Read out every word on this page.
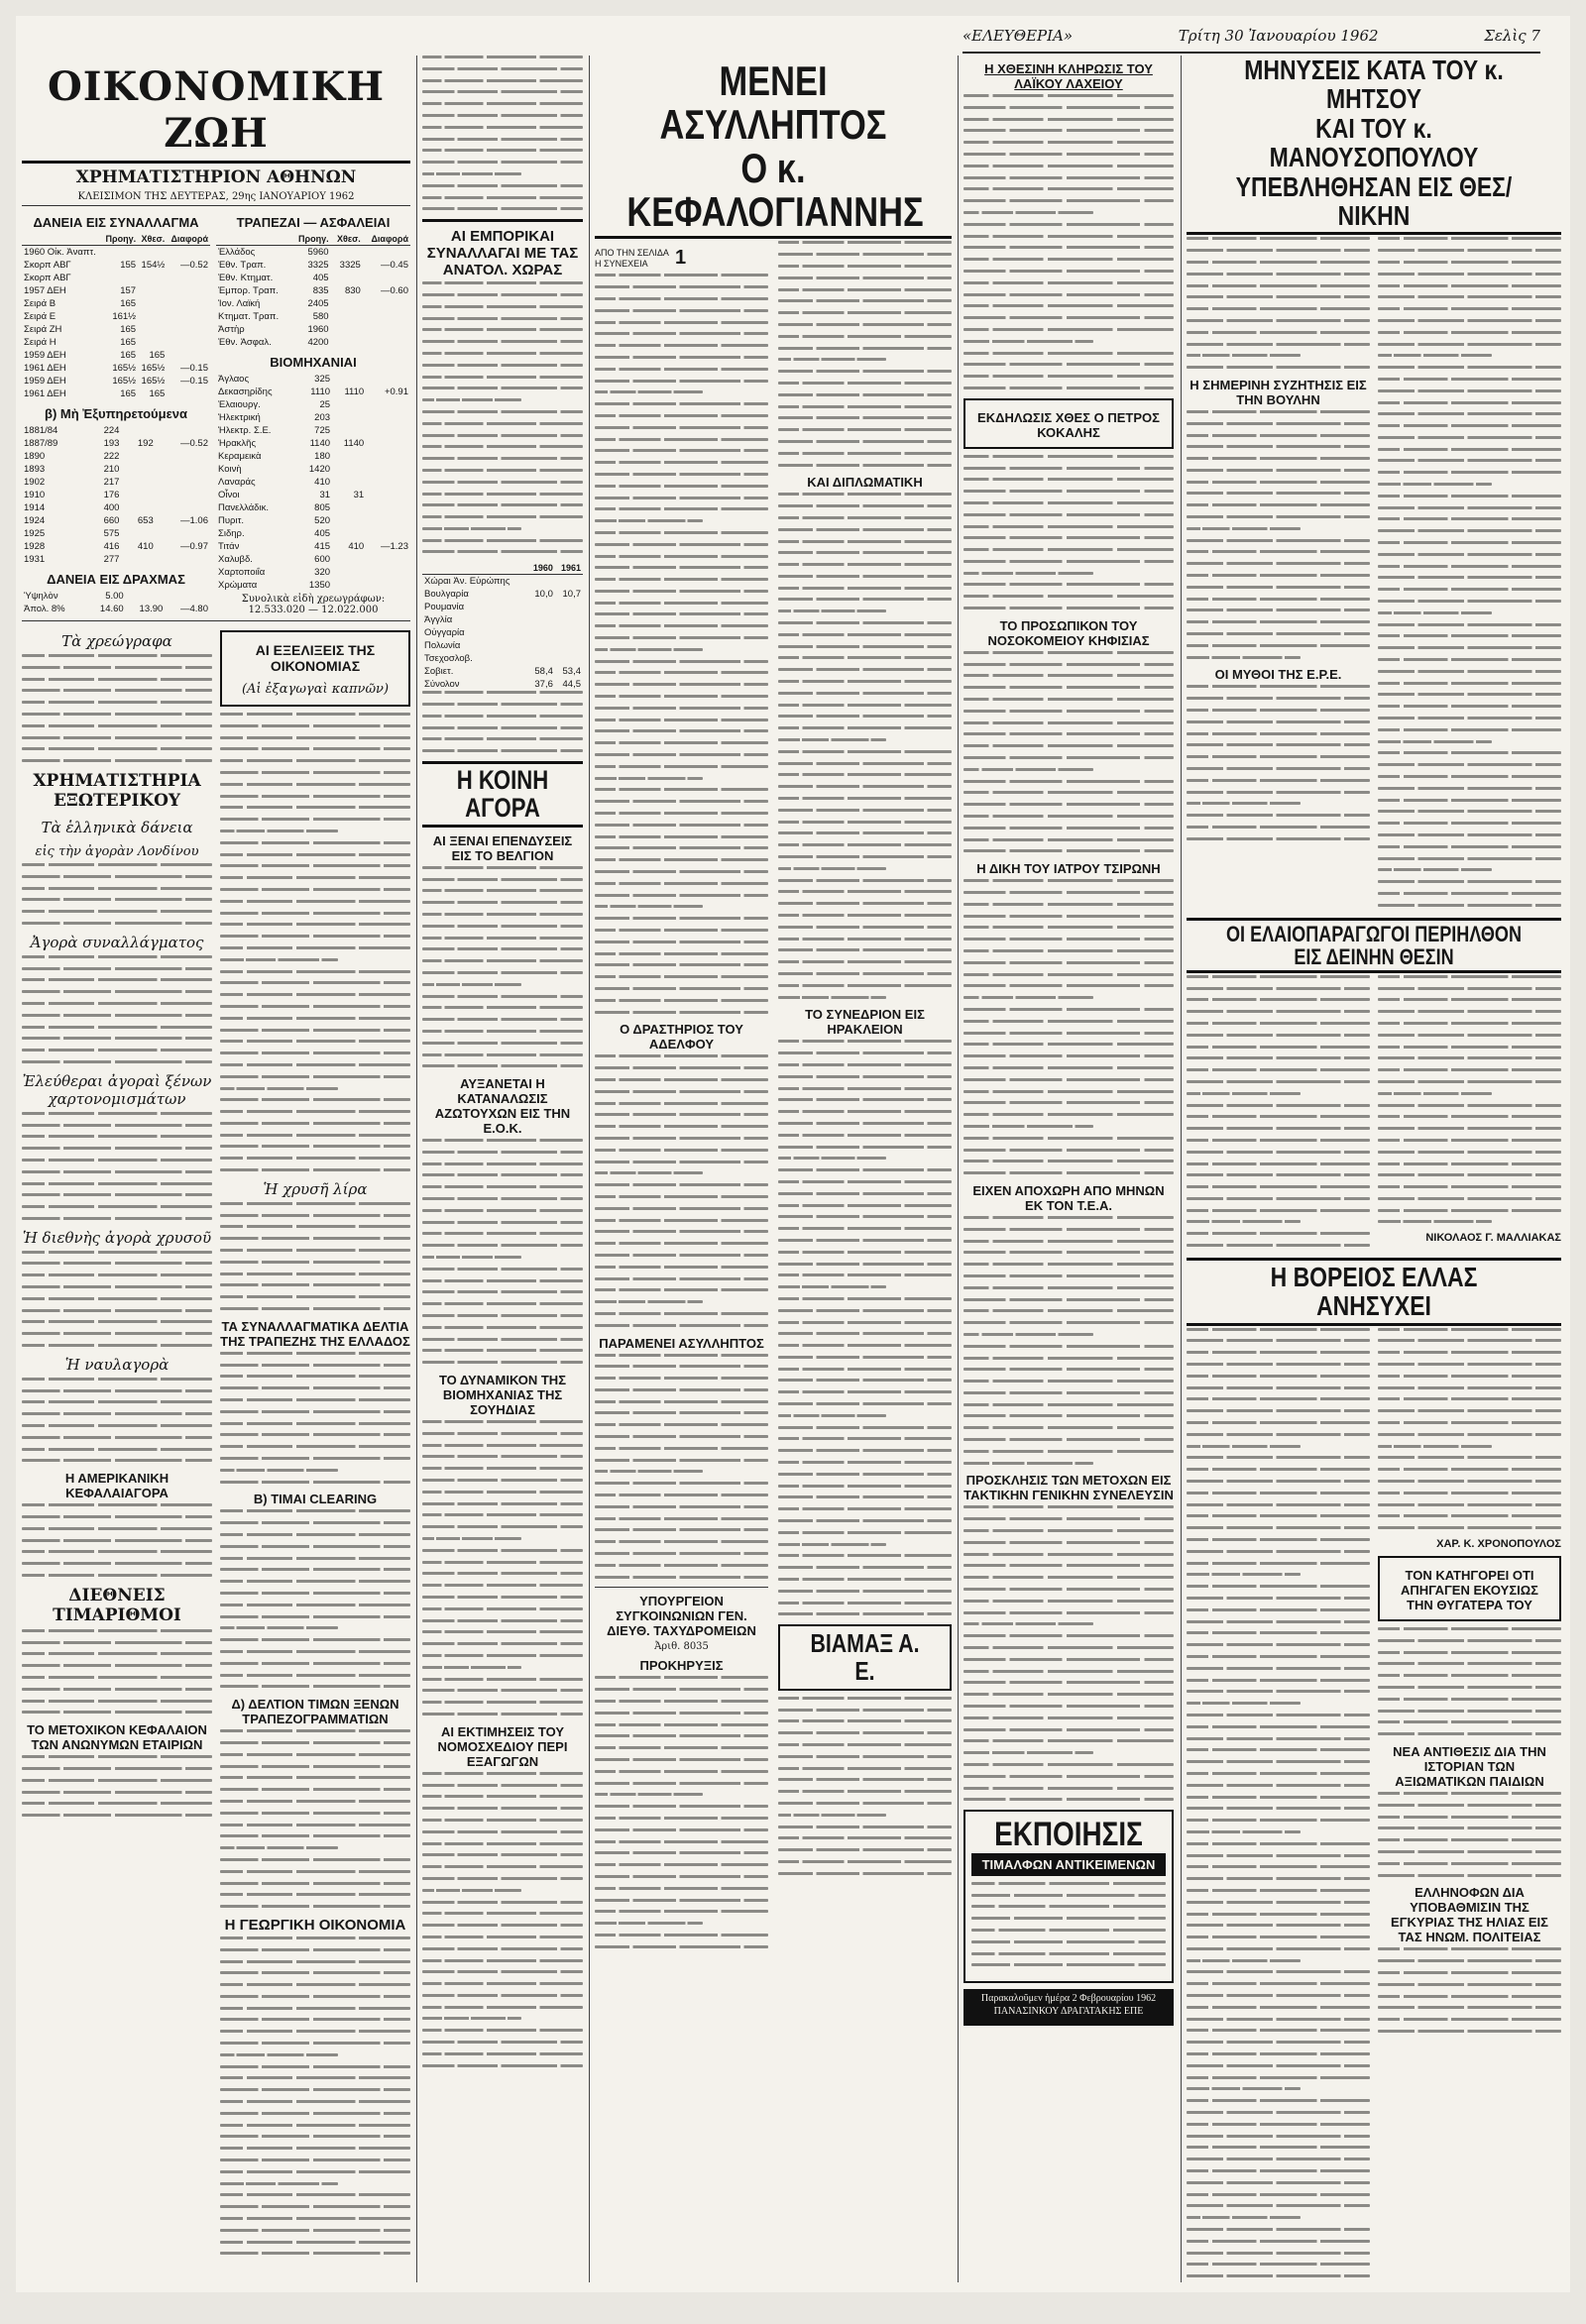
«ΕΛΕΥΘΕΡΙΑ»	Τρίτη 30 Ἰανουαρίου 1962	Σελὶς 7
ΟΙΚΟΝΟΜΙΚΗ ΖΩΗ
ΧΡΗΜΑΤΙΣΤΗΡΙΟΝ ΑΘΗΝΩΝ
ΚΛΕΙΣΙΜΟΝ ΤΗΣ ΔΕΥΤΕΡΑΣ, 29ης ΙΑΝΟΥΑΡΙΟΥ 1962
ΔΑΝΕΙΑ ΕΙΣ ΣΥΝΑΛΛΑΓΜΑ
	Προηγ.	Χθεσ.	Διαφορά
1960 Οἰκ. Ἀναπτ.			
Σκορπ ΑΒΓ	155	154½	—0.52
Σκορπ ΑΒΓ			
1957 ΔΕΗ	157		
Σειρά Β	165		
Σειρά Ε	161½		
Σειρά ΖΗ	165		
Σειρά Η	165		
1959 ΔΕΗ	165	165	
1961 ΔΕΗ	165½	165½	—0.15
1959 ΔΕΗ	165½	165½	—0.15
1961 ΔΕΗ	165	165	
β) Μὴ Ἐξυπηρετούμενα
1881/84	224		
1887/89	193	192	—0.52
1890	222		
1893	210		
1902	217		
1910	176		
1914	400		
1924	660	653	—1.06
1925	575		
1928	416	410	—0.97
1931	277		
ΔΑΝΕΙΑ ΕΙΣ ΔΡΑΧΜΑΣ
Ὑψηλὸν	5.00		
Ἀπολ. 8%	14.60	13.90	—4.80
ΤΡΑΠΕΖΑΙ — ΑΣΦΑΛΕΙΑΙ
	Προηγ.	Χθεσ.	Διαφορά
Ἑλλάδος	5960		
Ἐθν. Τραπ.	3325	3325	—0.45
Ἐθν. Κτηματ.	405		
Ἐμπορ. Τραπ.	835	830	—0.60
Ἰον. Λαϊκή	2405		
Κτηματ. Τραπ.	580		
Ἀστὴρ	1960		
Ἐθν. Ἀσφαλ.	4200		
ΒΙΟΜΗΧΑΝΙΑΙ
Ἀγλαος	325		
Δεκασηρίδης	1110	1110	+0.91
Ἐλαιουργ.	25		
Ἠλεκτρική	203		
Ἠλεκτρ. Σ.Ε.	725		
Ἡρακλῆς	1140	1140	
Κεραμεικὰ	180		
Κοινὴ	1420		
Λαναράς	410		
Οἶνοι	31	31	
Πανελλάδικ.	805		
Πυριτ.	520		
Σιδηρ.	405		
Τιτάν	415	410	—1.23
Χαλυβδ.	600		
Χαρτοποιΐα	320		
Χρώματα	1350		
Συνολικὰ εἰδὴ χρεωγράφων: 12.533.020 — 12.022.000
Τὰ χρεώγραφα
ΧΡΗΜΑΤΙΣΤΗΡΙΑ ΕΞΩΤΕΡΙΚΟΥ
Τὰ ἑλληνικὰ δάνεια
εἰς τὴν ἀγορὰν Λονδίνου
Ἀγορὰ συναλλάγματος
Ἐλεύθεραι ἀγοραὶ ξένων χαρτονομισμάτων
Ἡ διεθνὴς ἀγορὰ χρυσοῦ
Ἡ ναυλαγορὰ
Η ΑΜΕΡΙΚΑΝΙΚΗ ΚΕΦΑΛΑΙΑΓΟΡΑ
ΔΙΕΘΝΕΙΣ ΤΙΜΑΡΙΘΜΟΙ
ΤΟ ΜΕΤΟΧΙΚΟΝ ΚΕΦΑΛΑΙΟΝ ΤΩΝ ΑΝΩΝΥΜΩΝ ΕΤΑΙΡΙΩΝ
ΑΙ ΕΞΕΛΙΞΕΙΣ ΤΗΣ ΟΙΚΟΝΟΜΙΑΣ
(Αἱ ἐξαγωγαὶ καπνῶν)
Ἡ χρυσῆ λίρα
ΤΑ ΣΥΝΑΛΛΑΓΜΑΤΙΚΑ ΔΕΛΤΙΑ ΤΗΣ ΤΡΑΠΕΖΗΣ ΤΗΣ ΕΛΛΑΔΟΣ
Β) ΤΙΜΑΙ CLEARING
Δ) ΔΕΛΤΙΟΝ ΤΙΜΩΝ ΞΕΝΩΝ ΤΡΑΠΕΖΟΓΡΑΜΜΑΤΙΩΝ
Η ΓΕΩΡΓΙΚΗ ΟΙΚΟΝΟΜΙΑ
ΑΙ ΕΜΠΟΡΙΚΑΙ ΣΥΝΑΛΛΑΓΑΙ ΜΕ ΤΑΣ ΑΝΑΤΟΛ. ΧΩΡΑΣ
	1960	1961
Χώραι Ἀν. Εὐρώπης		
Βουλγαρία	10,0	10,7
Ρουμανία		
Ἀγγλία		
Οὐγγαρία		
Πολωνία		
Τσεχοσλοβ.		
Σοβιετ.	58,4	53,4
Σύνολον	37,6	44,5
Η ΚΟΙΝΗ ΑΓΟΡΑ
ΑΙ ΞΕΝΑΙ ΕΠΕΝΔΥΣΕΙΣ ΕΙΣ ΤΟ ΒΕΛΓΙΟΝ
ΑΥΞΑΝΕΤΑΙ Η ΚΑΤΑΝΑΛΩΣΙΣ ΑΖΩΤΟΥΧΩΝ ΕΙΣ ΤΗΝ Ε.Ο.Κ.
ΤΟ ΔΥΝΑΜΙΚΟΝ ΤΗΣ ΒΙΟΜΗΧΑΝΙΑΣ ΤΗΣ ΣΟΥΗΔΙΑΣ
ΑΙ ΕΚΤΙΜΗΣΕΙΣ ΤΟΥ ΝΟΜΟΣΧΕΔΙΟΥ ΠΕΡΙ ΕΞΑΓΩΓΩΝ
ΜΕΝΕΙ ΑΣΥΛΛΗΠΤΟΣ
Ο κ. ΚΕΦΑΛΟΓΙΑΝΝΗΣ
ΑΠΟ ΤΗΝ ΣΕΛΙΔΑ
Η ΣΥΝΕΧΕΙΑ	1
Ο ΔΡΑΣΤΗΡΙΟΣ ΤΟΥ ΑΔΕΛΦΟΥ
ΠΑΡΑΜΕΝΕΙ ΑΣΥΛΛΗΠΤΟΣ
ΥΠΟΥΡΓΕΙΟΝ ΣΥΓΚΟΙΝΩΝΙΩΝ ΓΕΝ. ΔΙΕΥΘ. ΤΑΧΥΔΡΟΜΕΙΩΝ
Ἀριθ. 8035
ΠΡΟΚΗΡΥΞΙΣ
ΚΑΙ ΔΙΠΛΩΜΑΤΙΚΗ
ΤΟ ΣΥΝΕΔΡΙΟΝ ΕΙΣ ΗΡΑΚΛΕΙΟΝ
ΒΙΑΜΑΞ Α. Ε.
Η ΧΘΕΣΙΝΗ ΚΛΗΡΩΣΙΣ ΤΟΥ ΛΑΪΚΟΥ ΛΑΧΕΙΟΥ
ΕΚΔΗΛΩΣΙΣ ΧΘΕΣ Ο ΠΕΤΡΟΣ ΚΟΚΑΛΗΣ
ΤΟ ΠΡΟΣΩΠΙΚΟΝ ΤΟΥ ΝΟΣΟΚΟΜΕΙΟΥ ΚΗΦΙΣΙΑΣ
Η ΔΙΚΗ ΤΟΥ ΙΑΤΡΟΥ ΤΣΙΡΩΝΗ
ΕΙΧΕΝ ΑΠΟΧΩΡΗ ΑΠΟ ΜΗΝΩΝ ΕΚ ΤΟΝ Τ.Ε.Α.
ΠΡΟΣΚΛΗΣΙΣ ΤΩΝ ΜΕΤΟΧΩΝ ΕΙΣ ΤΑΚΤΙΚΗΝ ΓΕΝΙΚΗΝ ΣΥΝΕΛΕΥΣΙΝ
ΕΚΠΟΙΗΣΙΣ
ΤΙΜΑΛΦΩΝ ΑΝΤΙΚΕΙΜΕΝΩΝ
Παρακαλοῦμεν ἡμέρα 2 Φεβρουαρίου 1962 ΠΑΝΑΣΙΝΚΟΥ ΔΡΑΓΑΤΑΚΗΣ ΕΠΕ
ΜΗΝΥΣΕΙΣ ΚΑΤΑ ΤΟΥ κ. ΜΗΤΣΟΥ
ΚΑΙ ΤΟΥ κ. ΜΑΝΟΥΣΟΠΟΥΛΟΥ
ΥΠΕΒΛΗΘΗΣΑΝ ΕΙΣ ΘΕΣ/ΝΙΚΗΝ
Η ΣΗΜΕΡΙΝΗ ΣΥΖΗΤΗΣΙΣ ΕΙΣ ΤΗΝ ΒΟΥΛΗΝ
ΟΙ ΜΥΘΟΙ ΤΗΣ Ε.Ρ.Ε.
ΟΙ ΕΛΑΙΟΠΑΡΑΓΩΓΟΙ ΠΕΡΙΗΛΘΟΝ ΕΙΣ ΔΕΙΝΗΝ ΘΕΣΙΝ
ΝΙΚΟΛΑΟΣ Γ. ΜΑΛΛΙΑΚΑΣ
Η ΒΟΡΕΙΟΣ ΕΛΛΑΣ ΑΝΗΣΥΧΕΙ
ΧΑΡ. Κ. ΧΡΟΝΟΠΟΥΛΟΣ
ΤΟΝ ΚΑΤΗΓΟΡΕΙ ΟΤΙ ΑΠΗΓΑΓΕΝ ΕΚΟΥΣΙΩΣ ΤΗΝ ΘΥΓΑΤΕΡΑ ΤΟΥ
ΝΕΑ ΑΝΤΙΘΕΣΙΣ ΔΙΑ ΤΗΝ ΙΣΤΟΡΙΑΝ ΤΩΝ ΑΞΙΩΜΑΤΙΚΩΝ ΠΑΙΔΙΩΝ
ΕΛΛΗΝΟΦΩΝ ΔΙΑ ΥΠΟΒΑΘΜΙΣΙΝ ΤΗΣ ΕΓΚΥΡΙΑΣ ΤΗΣ ΗΛΙΑΣ ΕΙΣ ΤΑΣ ΗΝΩΜ. ΠΟΛΙΤΕΙΑΣ
